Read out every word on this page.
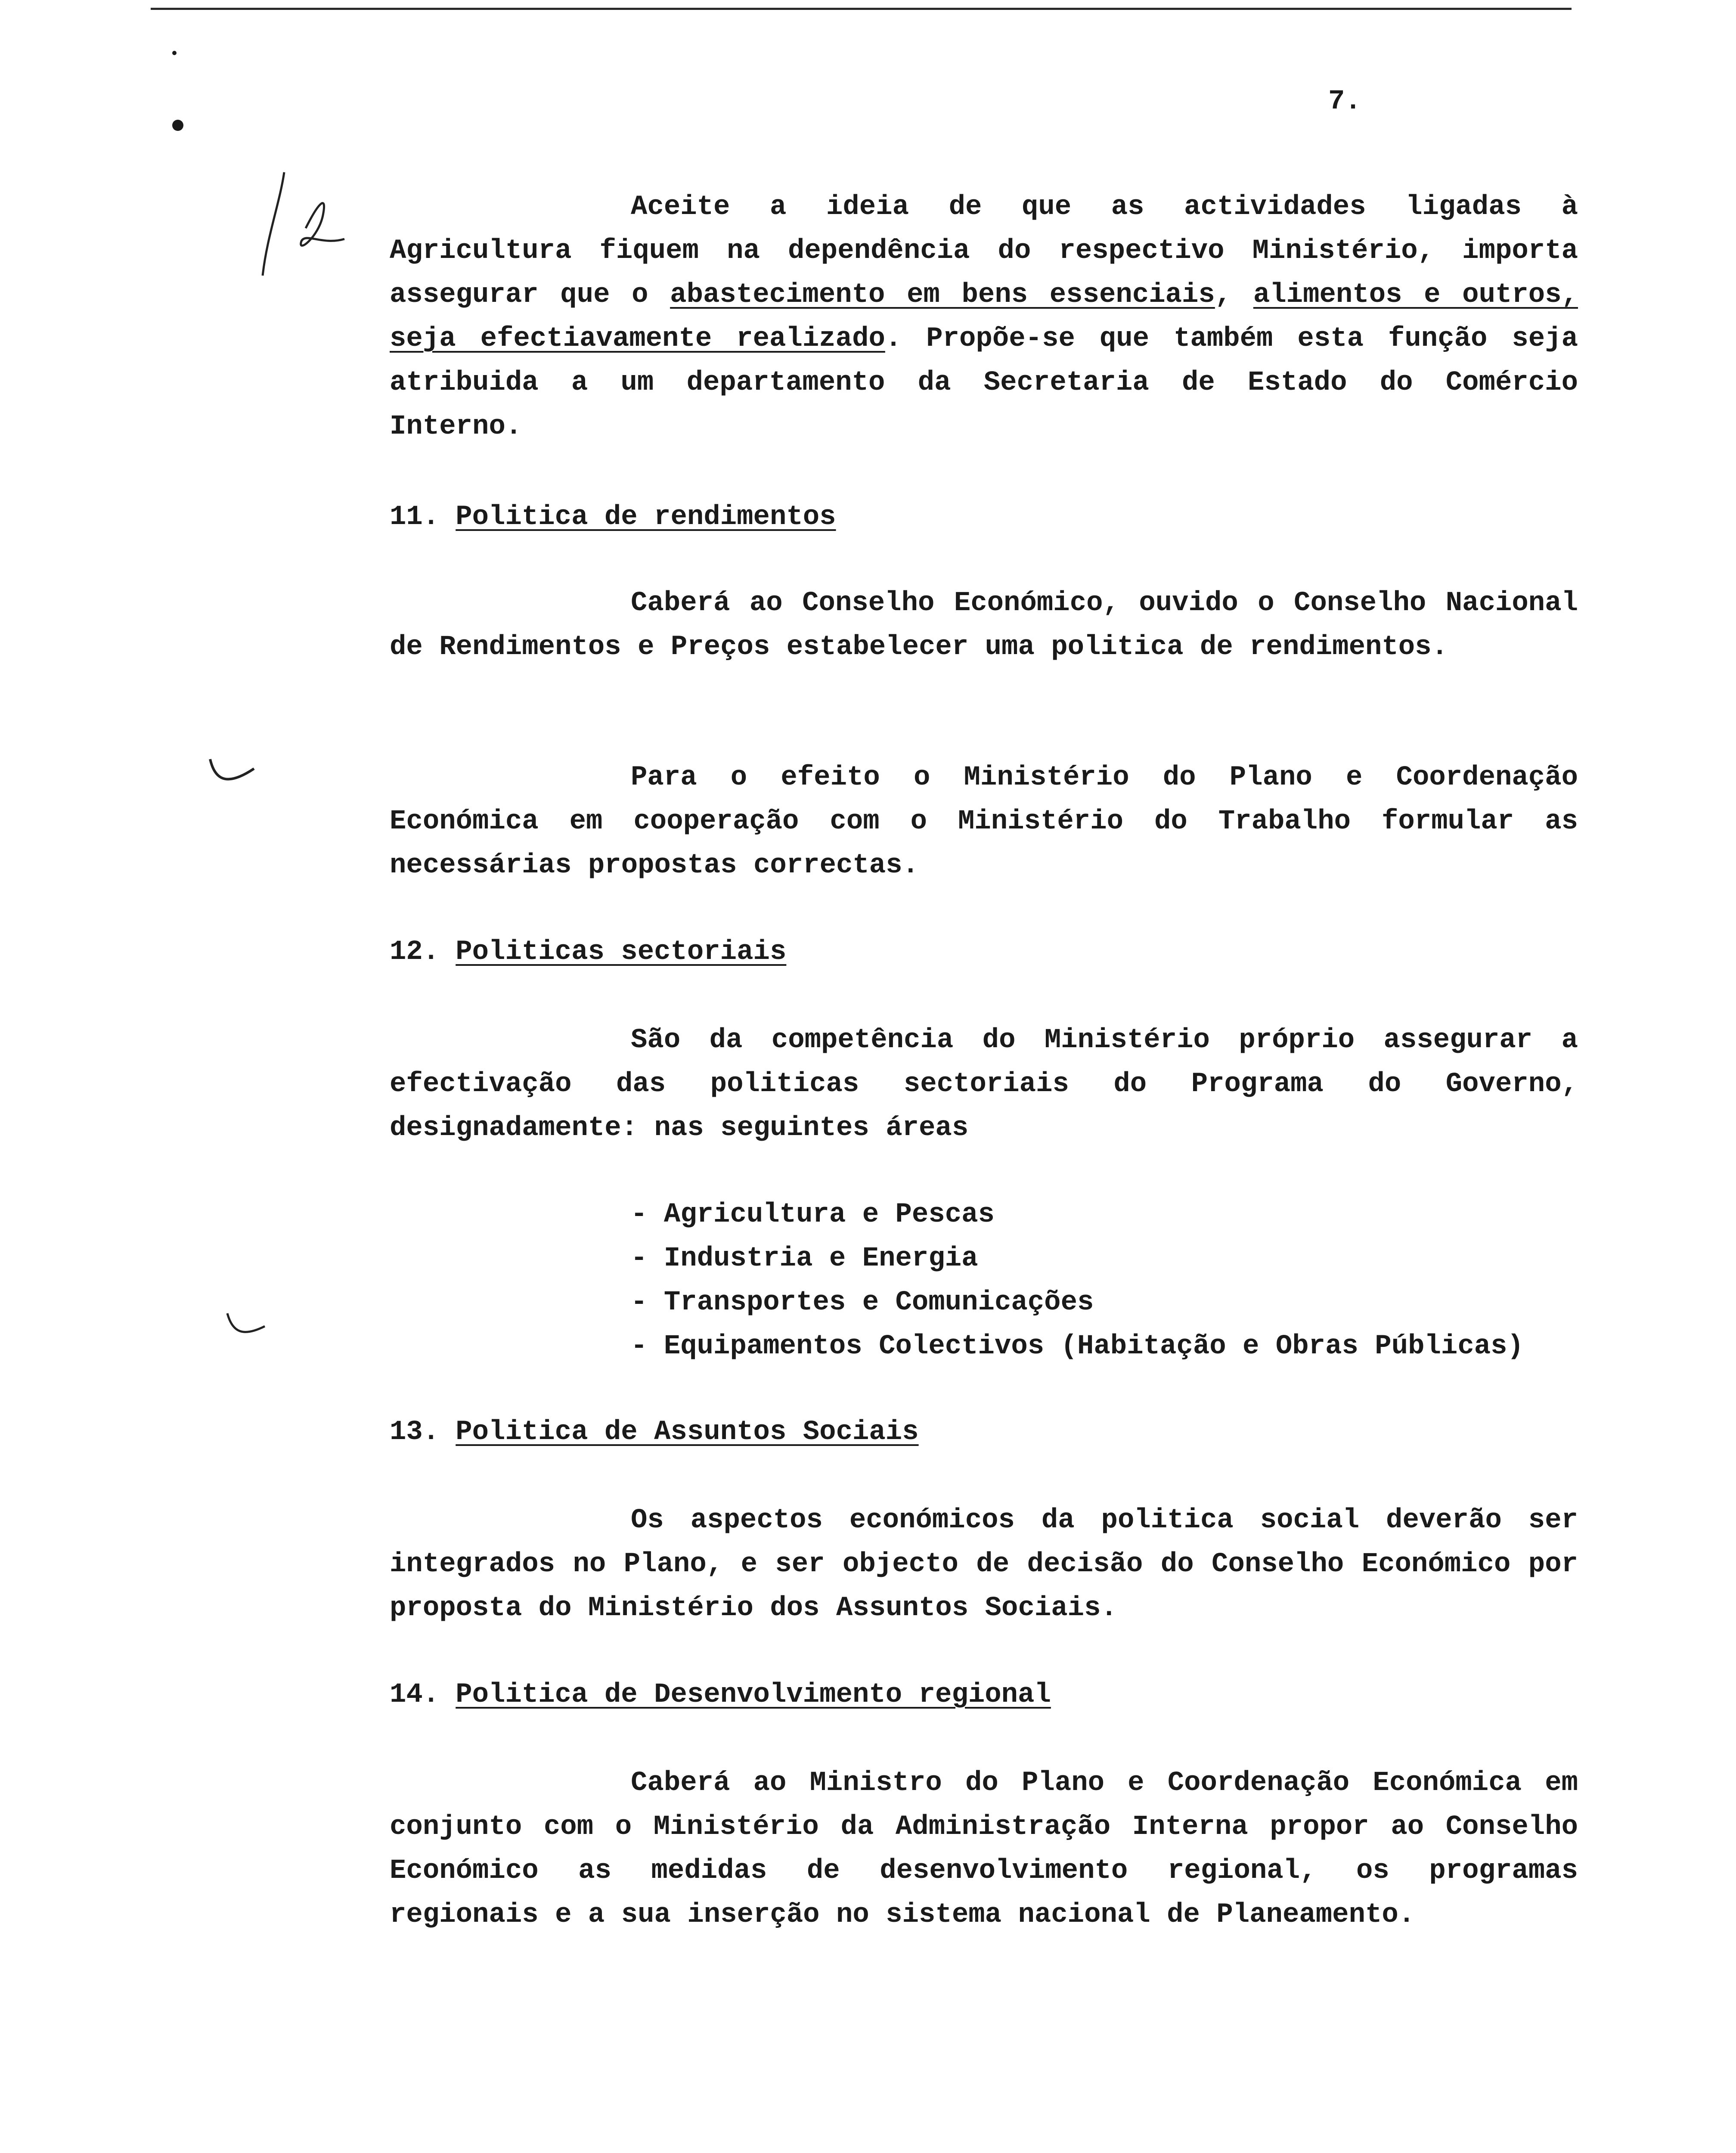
7.

Aceite a ideia de que as actividades ligadas à Agricultura fiquem na dependência do respectivo Ministério, importa assegurar que o abastecimento em bens essenciais, alimentos e outros, seja efectiavamente realizado. Propõe-se que também esta função seja atribuida a um departamento da Secretaria de Estado do Comércio Interno.

11. Politica de rendimentos

Caberá ao Conselho Económico, ouvido o Conselho Nacional de Rendimentos e Preços estabelecer uma politica de rendimentos.

Para o efeito o Ministério do Plano e Coordenação Económica em cooperação com o Ministério do Trabalho formular as necessárias propostas correctas.

12. Politicas sectoriais

São da competência do Ministério próprio assegurar a efectivação das politicas sectoriais do Programa do Governo, designadamente: nas seguintes áreas

- Agricultura e Pescas
- Industria e Energia
- Transportes e Comunicações
- Equipamentos Colectivos (Habitação e Obras Públicas)
13. Politica de Assuntos Sociais

Os aspectos económicos da politica social deverão ser integrados no Plano, e ser objecto de decisão do Conselho Económico por proposta do Ministério dos Assuntos Sociais.

14. Politica de Desenvolvimento regional

Caberá ao Ministro do Plano e Coordenação Económica em conjunto com o Ministério da Administração Interna propor ao Conselho Económico as medidas de desenvolvimento regional, os programas regionais e a sua inserção no sistema nacional de Planeamento.
